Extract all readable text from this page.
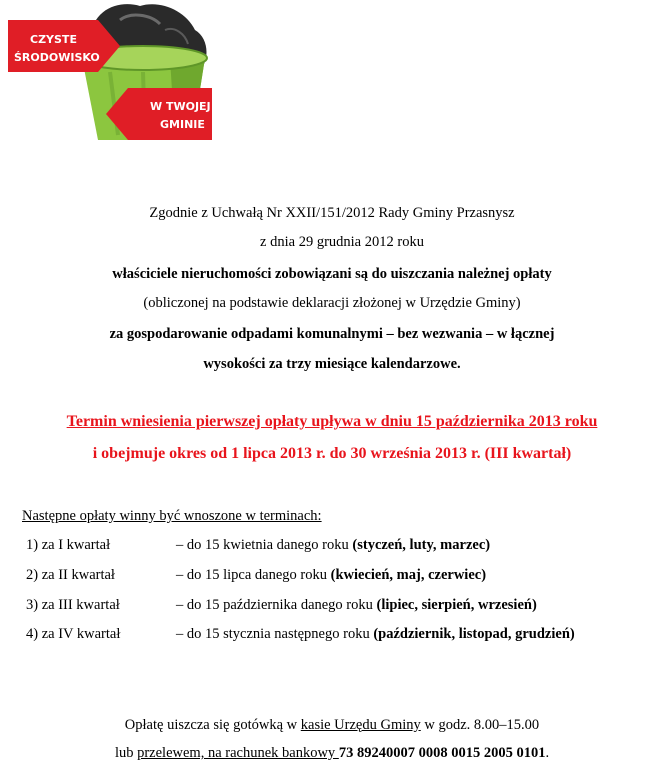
CZYSTE
ŚRODOWISKO
W TWOJEJ
GMINIE
Zgodnie z Uchwałą Nr XXII/151/2012 Rady Gminy Przasnysz
z dnia 29 grudnia 2012 roku
właściciele nieruchomości zobowiązani są do uiszczania należnej opłaty
(obliczonej na podstawie deklaracji złożonej w Urzędzie Gminy)
za gospodarowanie odpadami komunalnymi – bez wezwania – w łącznej
wysokości za trzy miesiące kalendarzowe.
Termin wniesienia pierwszej opłaty upływa w dniu 15 października 2013 roku
i obejmuje okres od 1 lipca 2013 r. do 30 września 2013 r. (III kwartał)
Następne opłaty winny być wnoszone w terminach:
1) za I kwartał	– do 15 kwietnia danego roku (styczeń, luty, marzec)
2) za II kwartał	– do 15 lipca danego roku (kwiecień, maj, czerwiec)
3) za III kwartał	– do 15 października danego roku (lipiec, sierpień, wrzesień)
4) za IV kwartał	– do 15 stycznia następnego roku (październik, listopad, grudzień)
Opłatę uiszcza się gotówką w kasie Urzędu Gminy w godz. 8.00–15.00
lub przelewem, na rachunek bankowy 73 89240007 0008 0015 2005 0101.
